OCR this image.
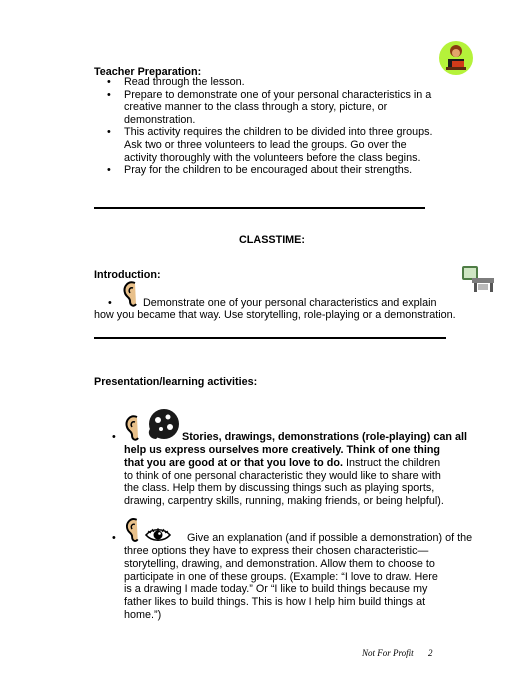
Teacher Preparation:
• Read through the lesson.
• Prepare to demonstrate one of your personal characteristics in a creative manner to the class through a story, picture, or demonstration.
• This activity requires the children to be divided into three groups. Ask two or three volunteers to lead the groups. Go over the activity thoroughly with the volunteers before the class begins.
• Pray for the children to be encouraged about their strengths.
CLASSTIME:
Introduction:
•	Demonstrate one of your personal characteristics and explain
how you became that way. Use storytelling, role-playing or a demonstration.
Presentation/learning activities:
•	Stories, drawings, demonstrations (role-playing) can all
help us express ourselves more creatively. Think of one thing that you are good at or that you love to do. Instruct the children to think of one personal characteristic they would like to share with the class. Help them by discussing things such as playing sports, drawing, carpentry skills, running, making friends, or being helpful).
•	Give an explanation (and if possible a demonstration) of the
three options they have to express their chosen characteristic—storytelling, drawing, and demonstration. Allow them to choose to participate in one of these groups. (Example: “I love to draw. Here is a drawing I made today.” Or “I like to build things because my father likes to build things. This is how I help him build things at home.”)
Not For Profit 2
